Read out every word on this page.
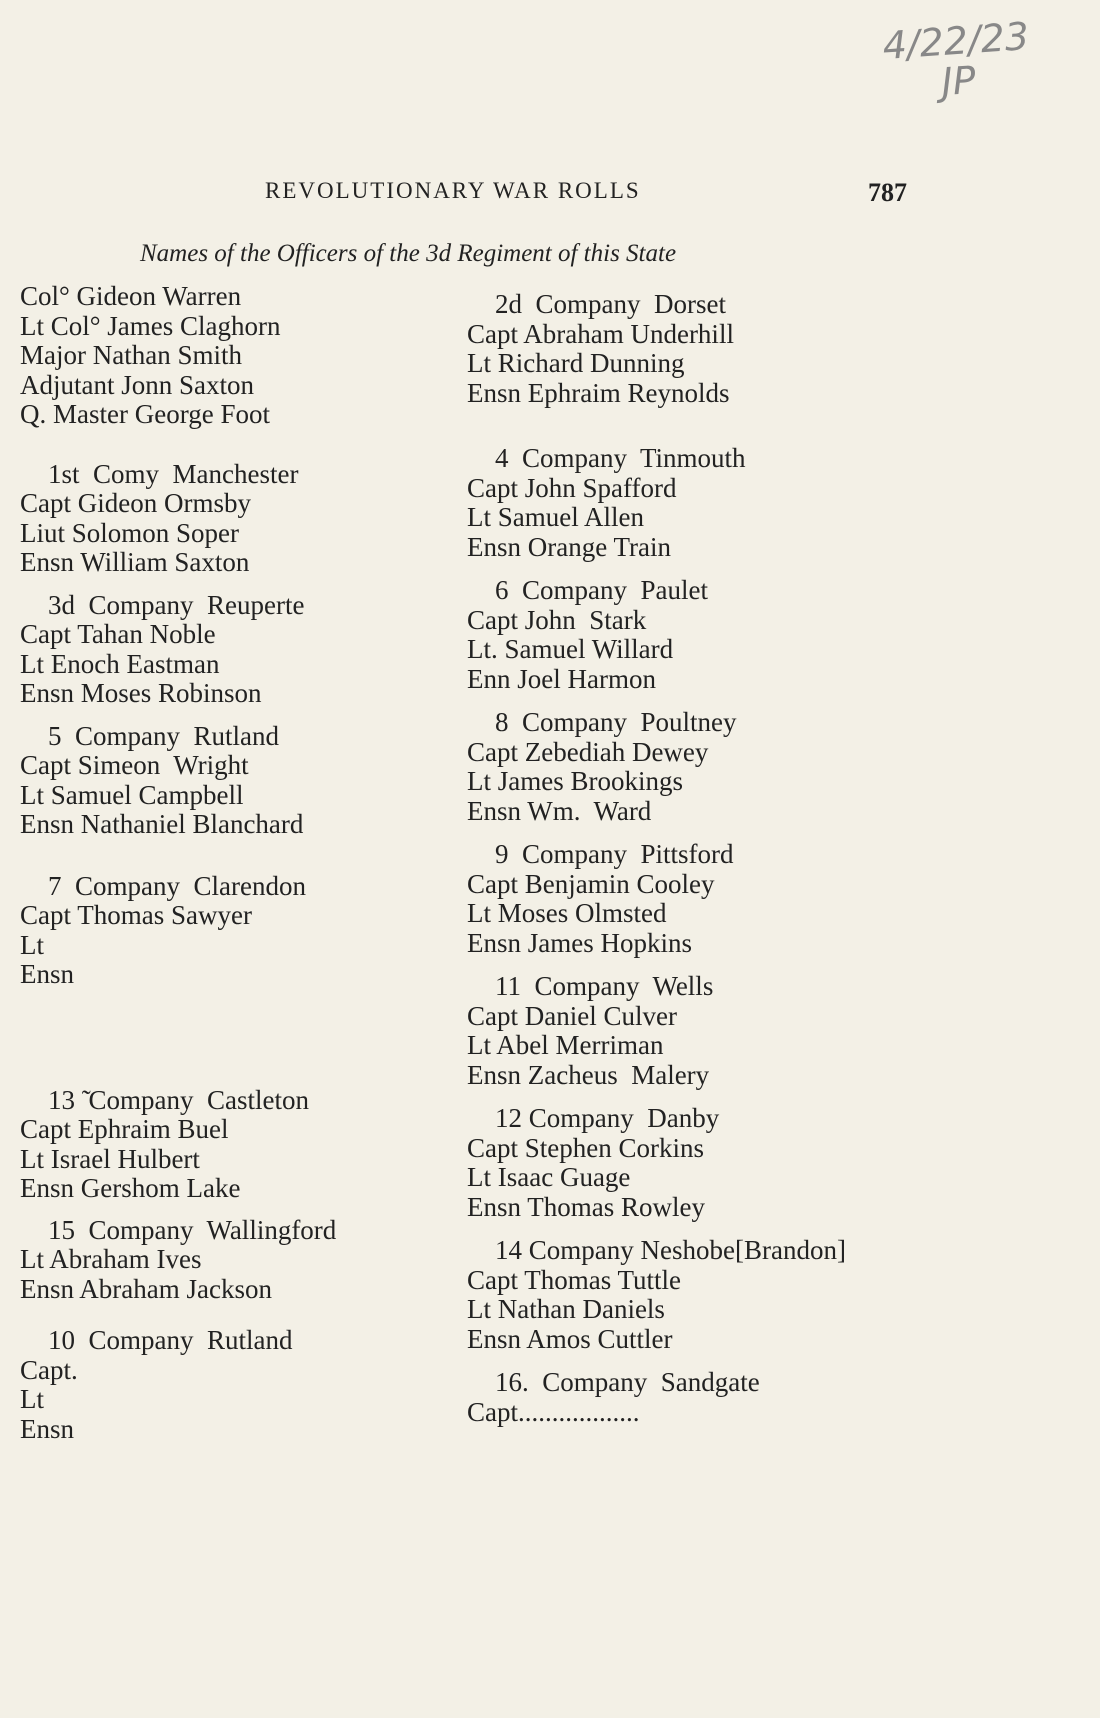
4/22/23
JP
REVOLUTIONARY WAR ROLLS	787
Names of the Officers of the 3d Regiment of this State
Col° Gideon Warren
Lt Col° James Claghorn
Major Nathan Smith
Adjutant Jonn Saxton
Q. Master George Foot
1st  Comy  Manchester
Capt Gideon Ormsby
Liut Solomon Soper
Ensn William Saxton
3d  Company  Reuperte
Capt Tahan Noble
Lt Enoch Eastman
Ensn Moses Robinson
5  Company  Rutland
Capt Simeon  Wright
Lt Samuel Campbell
Ensn Nathaniel Blanchard
7  Company  Clarendon
Capt Thomas Sawyer
Lt
Ensn
13 ̃ Company  Castleton
Capt Ephraim Buel
Lt Israel Hulbert
Ensn Gershom Lake
15  Company  Wallingford
Lt Abraham Ives
Ensn Abraham Jackson
10  Company  Rutland
Capt.
Lt
Ensn
2d  Company  Dorset
Capt Abraham Underhill
Lt Richard Dunning
Ensn Ephraim Reynolds
4  Company  Tinmouth
Capt John Spafford
Lt Samuel Allen
Ensn Orange Train
6  Company  Paulet
Capt John  Stark
Lt. Samuel Willard
Enn Joel Harmon
8  Company  Poultney
Capt Zebediah Dewey
Lt James Brookings
Ensn Wm.  Ward
9  Company  Pittsford
Capt Benjamin Cooley
Lt Moses Olmsted
Ensn James Hopkins
11  Company  Wells
Capt Daniel Culver
Lt Abel Merriman
Ensn Zacheus  Malery
12 Company  Danby
Capt Stephen Corkins
Lt Isaac Guage
Ensn Thomas Rowley
14 Company Neshobe[Brandon]
Capt Thomas Tuttle
Lt Nathan Daniels
Ensn Amos Cuttler
16.  Company  Sandgate
Capt..................
